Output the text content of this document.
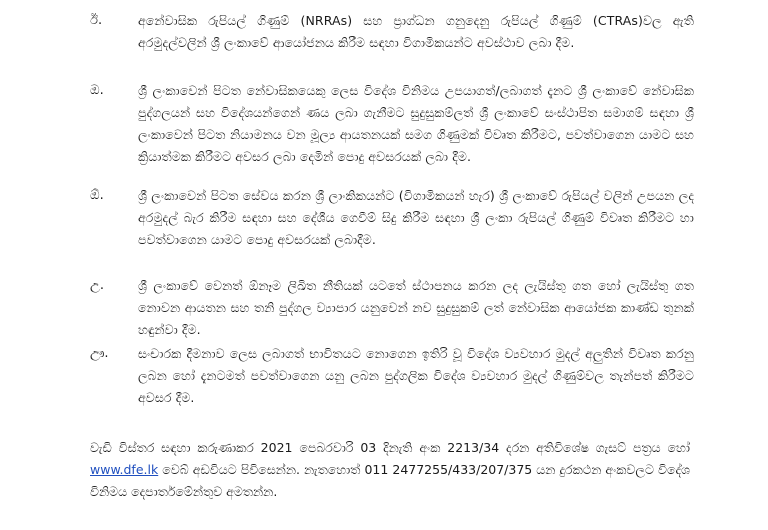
ඊ.	අනේවාසික රුපියල් ගිණුම් (NRRAs) සහ ප්‍රාග්ධන ගනුදෙනු රුපියල් ගිණුම් (CTRAs)වල ඇති අරමුදල්වලින් ශ්‍රී ලංකාවේ ආයෝජනය කිරීම සඳහා විගාමිකයන්ට අවස්ථාව ලබා දීම.
ඔ.	ශ්‍රී ලංකාවෙන් පිටත නේවාසිකයෙකු ලෙස විදේශ විනිමය උපයාගත්/ලබාගත් දැනට ශ්‍රී ලංකාවේ නේවාසික පුද්ගලයන් සහ විදේශයන්ගෙන් ණය ලබා ගැනීමට සුදුසුකම්ලත් ශ්‍රී ලංකාවේ සංස්ථාපිත සමාගම් සඳහා ශ්‍රී ලංකාවෙන් පිටත නියාමනය වන මූල්‍ය ආයතනයක් සමග ගිණුමක් විවෘත කිරීමට, පවත්වාගෙන යාමට සහ ක්‍රියාත්මක කිරීමට අවසර ලබා දෙමින් පොදු අවසරයක් ලබා දීම.
ඕ.	ශ්‍රී ලංකාවෙන් පිටත සේවය කරන ශ්‍රී ලාංකිකයන්ට (විගාමිකයන් හැර) ශ්‍රී ලංකාවේ රුපියල් වලින් උපයන ලද අරමුදල් බැර කිරීම සඳහා සහ දේශීය ගෙවීම් සිදු කිරීම සඳහා ශ්‍රී ලංකා රුපියල් ගිණුම් විවෘත කිරීමට හා පවත්වාගෙන යාමට පොදු අවසරයක් ලබාදීම.
උ.	ශ්‍රී ලංකාවේ වෙනත් ඕනෑම ලිඛිත නීතියක් යටතේ ස්ථාපනය කරන ලද ලැයිස්තු ගත හෝ ලැයිස්තු ගත නොවන ආයතන සහ තනි පුද්ගල ව්‍යාපාර යනුවෙන් නව සුදුසුකම් ලත් නේවාසික ආයෝජක කාණ්ඩ තුනක් හඳුන්වා දීම.
ඌ.	සංචාරක දීමනාව ලෙස ලබාගත් භාවිතයට නොගෙන ඉතිරි වූ විදේශ ව්‍යවහාර මුදල් අලුතින් විවෘත කරනු ලබන හෝ දැනටමත් පවත්වාගෙන යනු ලබන පුද්ගලික විදේශ ව්‍යවහාර මුදල් ගිණුම්වල තැන්පත් කිරීමට අවසර දීම.
වැඩි විස්තර සඳහා කරුණාකර 2021 පෙබරවාරි 03 දිනැති අංක 2213/34 දරන අතිවිශේෂ ගැසට් පත්‍රය හෝ www.dfe.lk වෙබ් අඩවියට පිවිසෙන්න. නැතහොත් 011 2477255/433/207/375 යන දුරකථන අංකවලට විදේශ විනිමය දෙපාර්තමේන්තුව අමතන්න.
